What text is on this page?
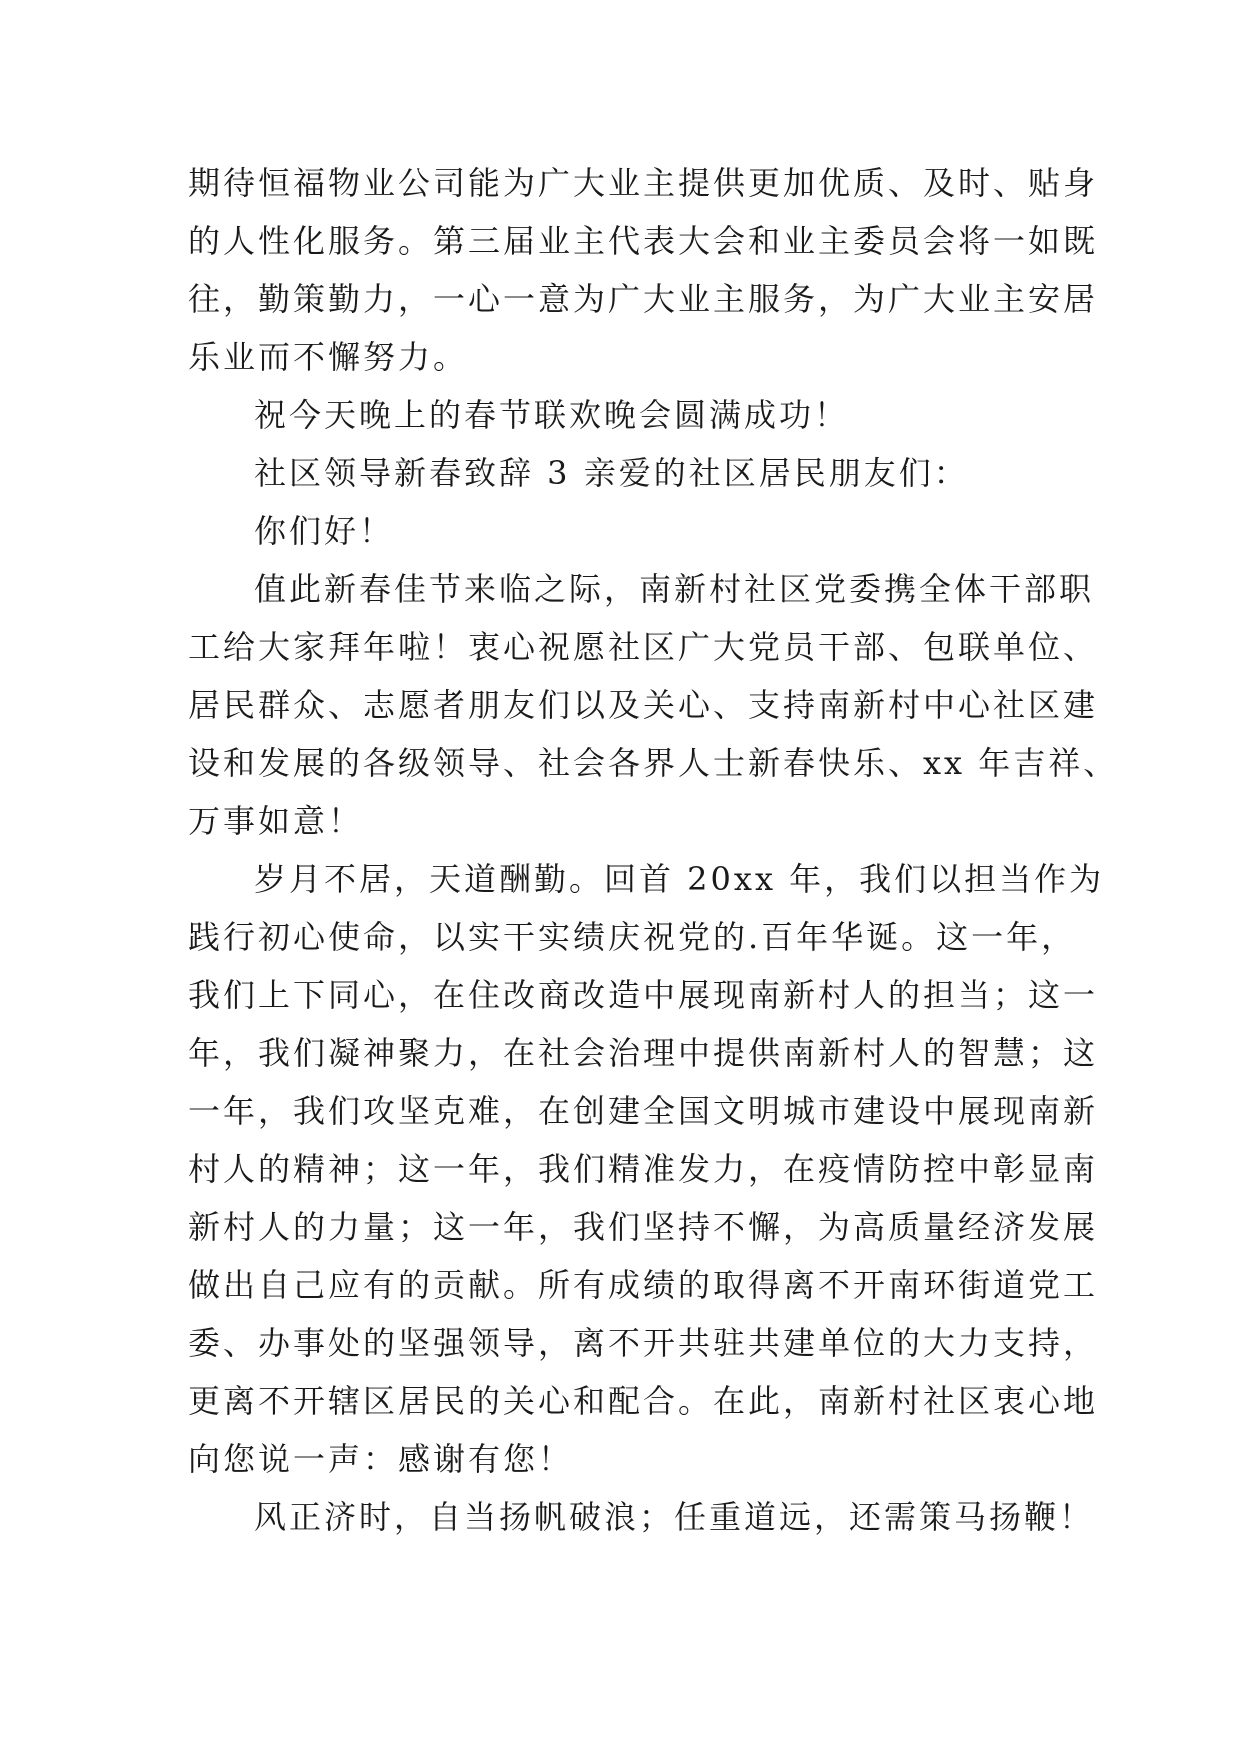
期待恒福物业公司能为广大业主提供更加优质、及时、贴身
的人性化服务。第三届业主代表大会和业主委员会将一如既
往，勤策勤力，一心一意为广大业主服务，为广大业主安居
乐业而不懈努力。
祝今天晚上的春节联欢晚会圆满成功！
社区领导新春致辞 3 亲爱的社区居民朋友们：
你们好！
值此新春佳节来临之际，南新村社区党委携全体干部职
工给大家拜年啦！衷心祝愿社区广大党员干部、包联单位、
居民群众、志愿者朋友们以及关心、支持南新村中心社区建
设和发展的各级领导、社会各界人士新春快乐、xx 年吉祥、
万事如意！
岁月不居，天道酬勤。回首 20xx 年，我们以担当作为
践行初心使命，以实干实绩庆祝党的.百年华诞。这一年，
我们上下同心，在住改商改造中展现南新村人的担当；这一
年，我们凝神聚力，在社会治理中提供南新村人的智慧；这
一年，我们攻坚克难，在创建全国文明城市建设中展现南新
村人的精神；这一年，我们精准发力，在疫情防控中彰显南
新村人的力量；这一年，我们坚持不懈，为高质量经济发展
做出自己应有的贡献。所有成绩的取得离不开南环街道党工
委、办事处的坚强领导，离不开共驻共建单位的大力支持，
更离不开辖区居民的关心和配合。在此，南新村社区衷心地
向您说一声：感谢有您！
风正济时，自当扬帆破浪；任重道远，还需策马扬鞭！
